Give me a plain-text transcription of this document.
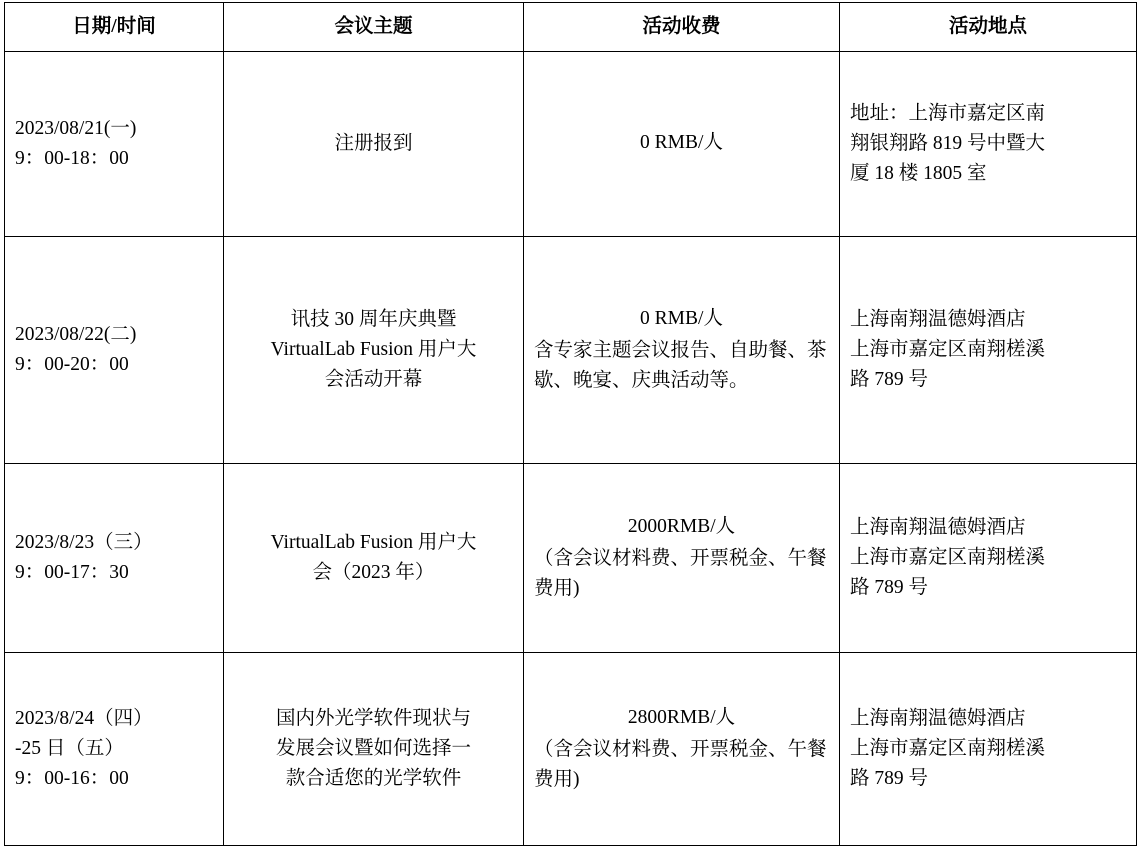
日期/时间	会议主题	活动收费	活动地点

2023/08/21(一)
9：00-18：00	注册报到	0 RMB/人	地址：上海市嘉定区南
翔银翔路 819 号中暨大
厦 18 楼 1805 室

2023/08/22(二)
9：00-20：00	讯技 30 周年庆典暨
VirtualLab Fusion 用户大
会活动开幕	0 RMB/人
含专家主题会议报告、自助餐、茶歇、晚宴、庆典活动等。	上海南翔温德姆酒店
上海市嘉定区南翔槎溪
路 789 号

2023/8/23（三）
9：00-17：30	VirtualLab Fusion 用户大
会（2023 年）	2000RMB/人
（含会议材料费、开票税金、午餐费用)	上海南翔温德姆酒店
上海市嘉定区南翔槎溪
路 789 号

2023/8/24（四）
-25 日（五）
9：00-16：00	国内外光学软件现状与
发展会议暨如何选择一
款合适您的光学软件	2800RMB/人
（含会议材料费、开票税金、午餐费用)	上海南翔温德姆酒店
上海市嘉定区南翔槎溪
路 789 号
